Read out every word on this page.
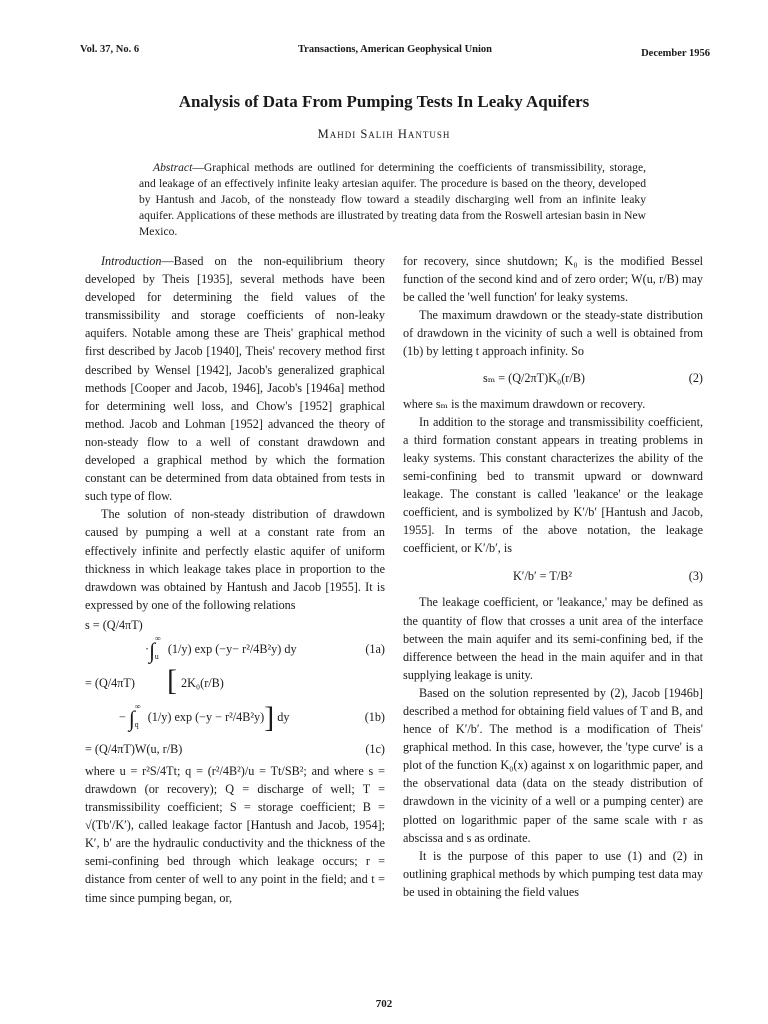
Vol. 37, No. 6	Transactions, American Geophysical Union	December 1956
Analysis of Data From Pumping Tests In Leaky Aquifers

Mahdi Salih Hantush

Abstract—Graphical methods are outlined for determining the coefficients of transmissibility, storage, and leakage of an effectively infinite leaky artesian aquifer. The procedure is based on the theory, developed by Hantush and Jacob, of the nonsteady flow toward a steadily discharging well from an infinite leaky aquifer. Applications of these methods are illustrated by treating data from the Roswell artesian basin in New Mexico.

Introduction—Based on the non-equilibrium theory developed by Theis [1935], several methods have been developed for determining the field values of the transmissibility and storage coefficients of non-leaky aquifers. Notable among these are Theis' graphical method first described by Jacob [1940], Theis' recovery method first described by Wensel [1942], Jacob's generalized graphical methods [Cooper and Jacob, 1946], Jacob's [1946a] method for determining well loss, and Chow's [1952] graphical method. Jacob and Lohman [1952] advanced the theory of non-steady flow to a well of constant drawdown and developed a graphical method by which the formation constant can be determined from data obtained from tests in such type of flow.

The solution of non-steady distribution of drawdown caused by pumping a well at a constant rate from an effectively infinite and perfectly elastic aquifer of uniform thickness in which leakage takes place in proportion to the drawdown was obtained by Hantush and Jacob [1955]. It is expressed by one of the following relations

s = (Q/4πT)
$\cdot\int^\infty_u$ (1/y) exp (−y− r²/4B²y) dy	(1a)
= (Q/4πT) [ 2K₀(r/B)
− $\int^\infty_q$ (1/y) exp (−y − r²/4B²y)] dy	(1b)
= (Q/4πT)W(u, r/B)	(1c)

where u = r²S/4Tt; q = (r²/4B²)/u = Tt/SB²; and where s = drawdown (or recovery); Q = discharge of well; T = transmissibility coefficient; S = storage coefficient; B = √(Tb′/K′), called leakage factor [Hantush and Jacob, 1954]; K′, b′ are the hydraulic conductivity and the thickness of the semi-confining bed through which leakage occurs; r = distance from center of well to any point in the field; and t = time since pumping began, or,

for recovery, since shutdown; K₀ is the modified Bessel function of the second kind and of zero order; W(u, r/B) may be called the 'well function' for leaky systems.

The maximum drawdown or the steady-state distribution of drawdown in the vicinity of such a well is obtained from (1b) by letting t approach infinity. So

sₘ = (Q/2πT)K₀(r/B)	(2)

where sₘ is the maximum drawdown or recovery.

In addition to the storage and transmissibility coefficient, a third formation constant appears in treating problems in leaky systems. This constant characterizes the ability of the semi-confining bed to transmit upward or downward leakage. The constant is called 'leakance' or the leakage coefficient, and is symbolized by K′/b′ [Hantush and Jacob, 1955]. In terms of the above notation, the leakage coefficient, or K′/b′, is

K′/b′ = T/B²	(3)

The leakage coefficient, or 'leakance,' may be defined as the quantity of flow that crosses a unit area of the interface between the main aquifer and its semi-confining bed, if the difference between the head in the main aquifer and in that supplying leakage is unity.

Based on the solution represented by (2), Jacob [1946b] described a method for obtaining field values of T and B, and hence of K′/b′. The method is a modification of Theis' graphical method. In this case, however, the 'type curve' is a plot of the function K₀(x) against x on logarithmic paper, and the observational data (data on the steady distribution of drawdown in the vicinity of a well or a pumping center) are plotted on logarithmic paper of the same scale with r as abscissa and s as ordinate.

It is the purpose of this paper to use (1) and (2) in outlining graphical methods by which pumping test data may be used in obtaining the field values

702
